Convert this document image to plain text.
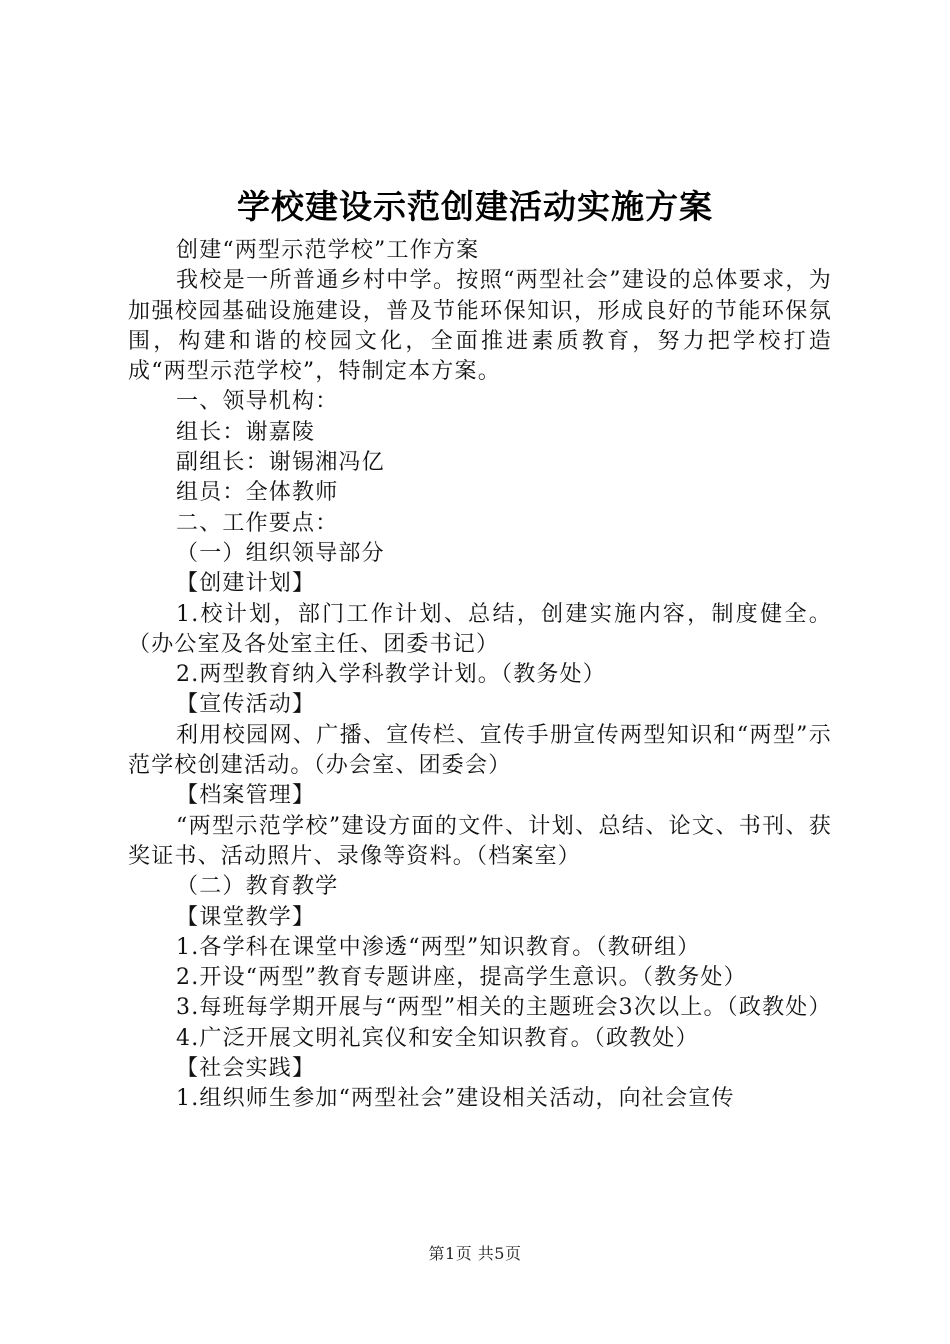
学校建设示范创建活动实施方案

创建“两型示范学校”工作方案

我校是一所普通乡村中学。按照“两型社会”建设的总体要求，为加强校园基础设施建设，普及节能环保知识，形成良好的节能环保氛围，构建和谐的校园文化，全面推进素质教育，努力把学校打造成“两型示范学校”，特制定本方案。

一、领导机构：

组长：谢嘉陵

副组长：谢锡湘冯亿

组员：全体教师

二、工作要点：

（一）组织领导部分

【创建计划】

1.校计划，部门工作计划、总结，创建实施内容，制度健全。（办公室及各处室主任、团委书记）

2.两型教育纳入学科教学计划。（教务处）

【宣传活动】

利用校园网、广播、宣传栏、宣传手册宣传两型知识和“两型”示范学校创建活动。（办会室、团委会）

【档案管理】

“两型示范学校”建设方面的文件、计划、总结、论文、书刊、获奖证书、活动照片、录像等资料。（档案室）

（二）教育教学

【课堂教学】

1.各学科在课堂中渗透“两型”知识教育。（教研组）

2.开设“两型”教育专题讲座，提高学生意识。（教务处）

3.每班每学期开展与“两型”相关的主题班会3次以上。（政教处）

4.广泛开展文明礼宾仪和安全知识教育。（政教处）

【社会实践】

1.组织师生参加“两型社会”建设相关活动，向社会宣传

第1页 共5页
